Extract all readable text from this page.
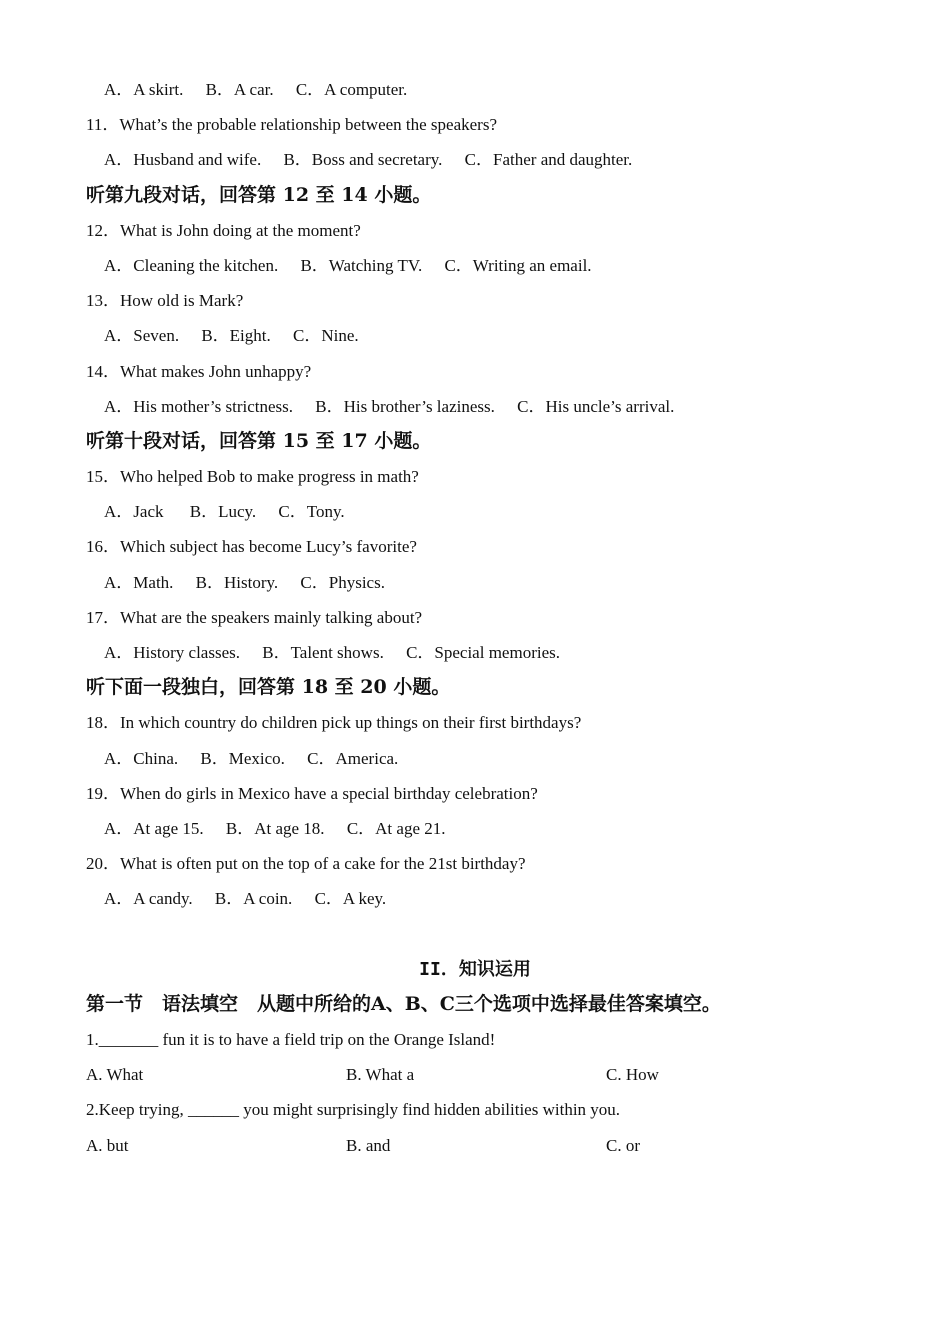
A．A skirt. B．A car. C．A computer.
11．What’s the probable relationship between the speakers?
A．Husband and wife. B．Boss and secretary. C．Father and daughter.
听第九段对话，回答第 12 至 14 小题。
12．What is John doing at the moment?
A．Cleaning the kitchen. B．Watching TV. C．Writing an email.
13．How old is Mark?
A．Seven. B．Eight. C．Nine.
14．What makes John unhappy?
A．His mother’s strictness. B．His brother’s laziness. C．His uncle’s arrival.
听第十段对话，回答第 15 至 17 小题。
15．Who helped Bob to make progress in math?
A．Jack B．Lucy. C．Tony.
16．Which subject has become Lucy’s favorite?
A．Math. B．History. C．Physics.
17．What are the speakers mainly talking about?
A．History classes. B．Talent shows. C．Special memories.
听下面一段独白，回答第 18 至 20 小题。
18．In which country do children pick up things on their first birthdays?
A．China. B．Mexico. C．America.
19．When do girls in Mexico have a special birthday celebration?
A．At age 15. B．At age 18. C．At age 21.
20．What is often put on the top of a cake for the 21st birthday?
A．A candy. B．A coin. C．A key.
II．知识运用
第一节　语法填空　从题中所给的A、B、C三个选项中选择最佳答案填空。
1._______ fun it is to have a field trip on the Orange Island!
A. What	B. What a	C. How
2.Keep trying, ______ you might surprisingly find hidden abilities within you.
A. but	B. and	C. or
